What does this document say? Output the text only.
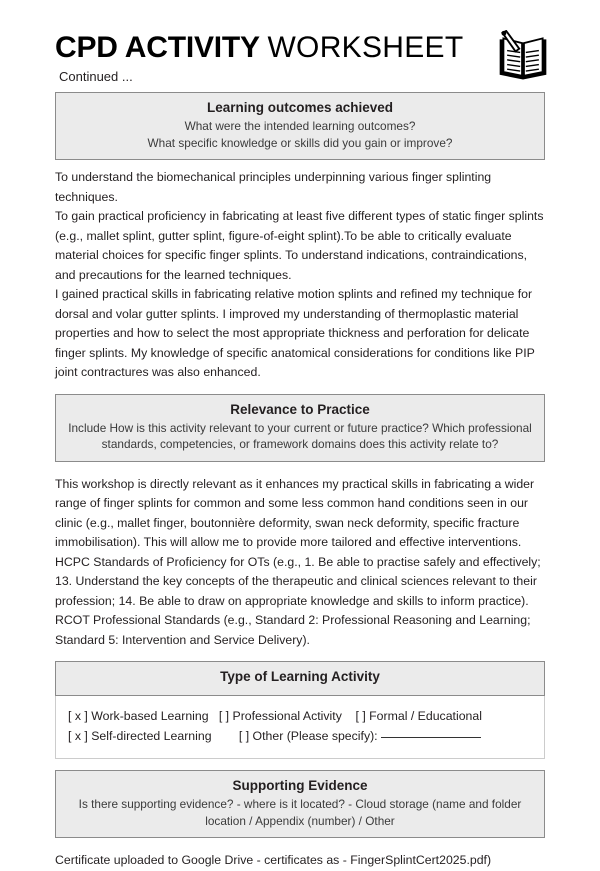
CPD ACTIVITY WORKSHEET

Continued ...

Learning outcomes achieved
What were the intended learning outcomes?
What specific knowledge or skills did you gain or improve?

To understand the biomechanical principles underpinning various finger splinting techniques.

To gain practical proficiency in fabricating at least five different types of static finger splints (e.g., mallet splint, gutter splint, figure-of-eight splint).To be able to critically evaluate material choices for specific finger splints. To understand indications, contraindications, and precautions for the learned techniques.

I gained practical skills in fabricating relative motion splints and refined my technique for dorsal and volar gutter splints. I improved my understanding of thermoplastic material properties and how to select the most appropriate thickness and perforation for delicate finger splints. My knowledge of specific anatomical considerations for conditions like PIP joint contractures was also enhanced.

Relevance to Practice
Include How is this activity relevant to your current or future practice? Which professional
standards, competencies, or framework domains does this activity relate to?

This workshop is directly relevant as it enhances my practical skills in fabricating a wider range of finger splints for common and some less common hand conditions seen in our clinic (e.g., mallet finger, boutonnière deformity, swan neck deformity, specific fracture immobilisation). This will allow me to provide more tailored and effective interventions.

HCPC Standards of Proficiency for OTs (e.g., 1. Be able to practise safely and effectively; 13. Understand the key concepts of the therapeutic and clinical sciences relevant to their profession; 14. Be able to draw on appropriate knowledge and skills to inform practice).

RCOT Professional Standards (e.g., Standard 2: Professional Reasoning and Learning; Standard 5: Intervention and Service Delivery).

Type of Learning Activity
[ x ] Work-based Learning   [ ] Professional Activity    [ ] Formal / Educational
[ x ] Self-directed Learning        [ ] Other (Please specify):
Supporting Evidence
Is there supporting evidence? - where is it located? - Cloud storage (name and folder
location / Appendix (number) / Other

Certificate uploaded to Google Drive - certificates as - FingerSplintCert2025.pdf)
